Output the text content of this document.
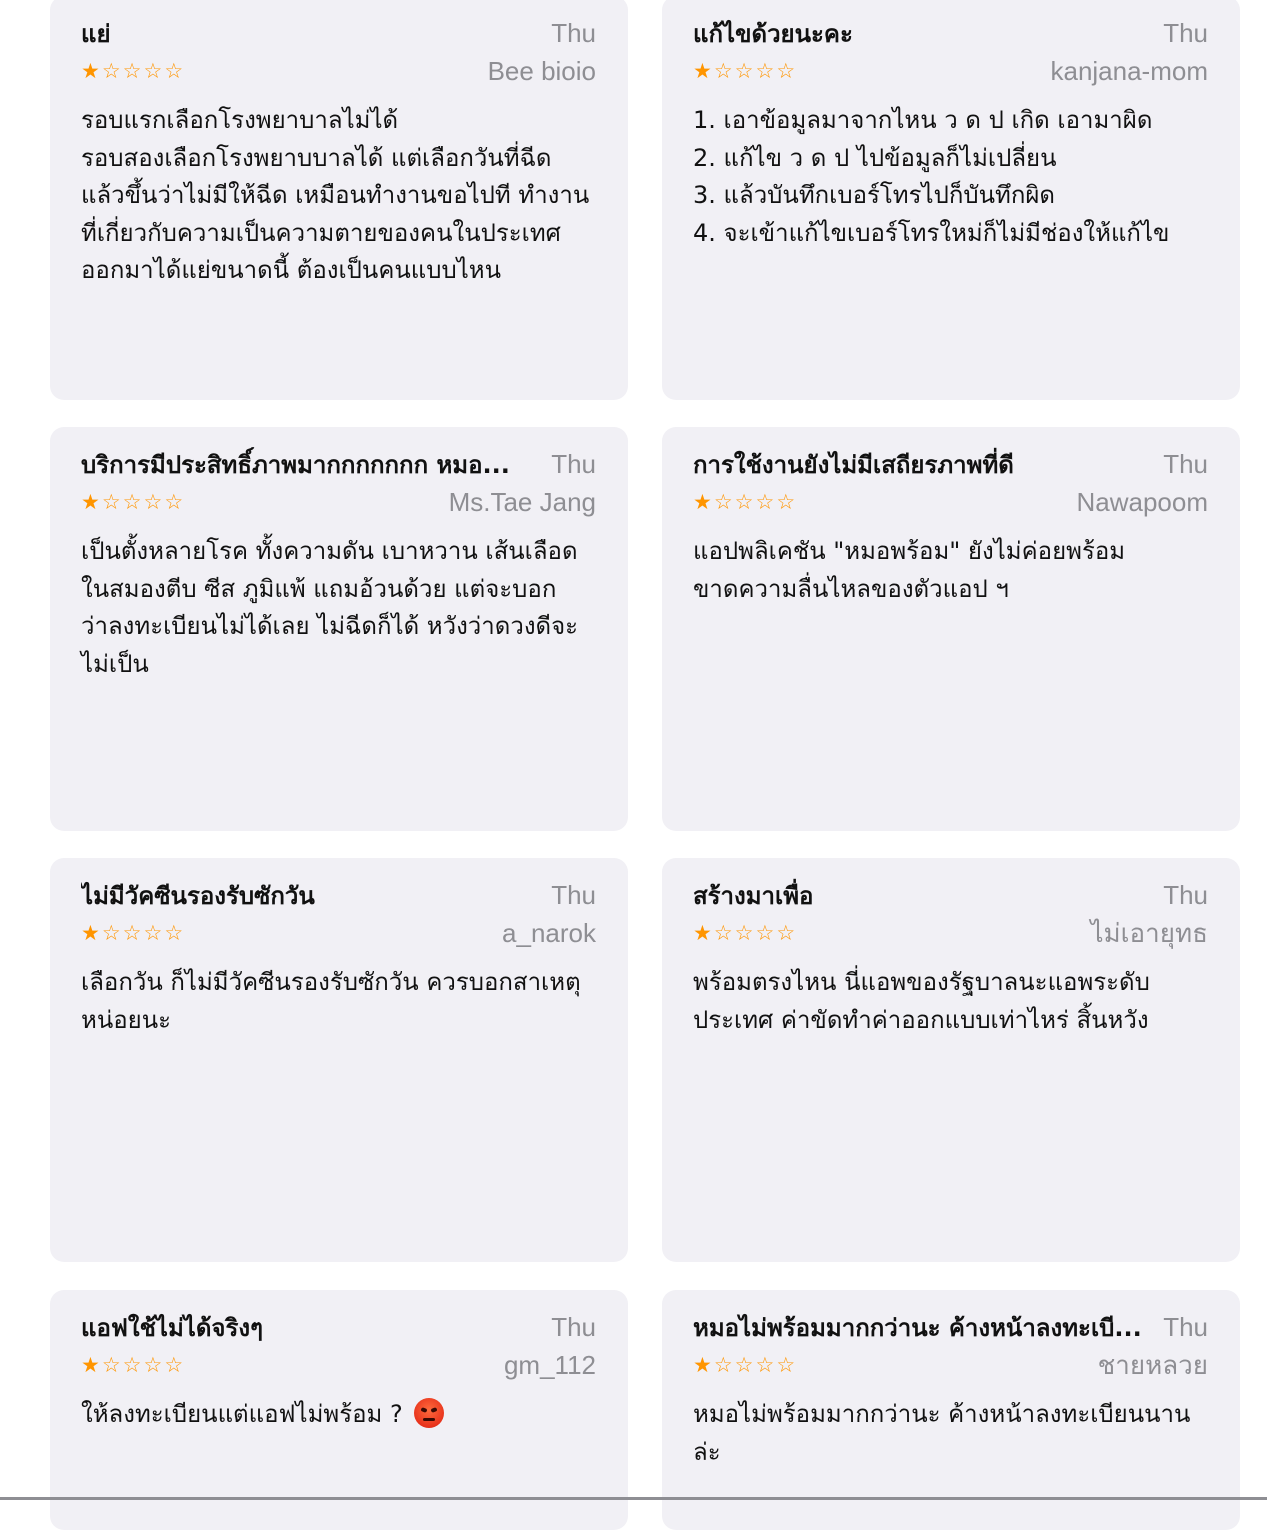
แย่	Thu
★ ☆ ☆ ☆ ☆	Bee bioio
รอบแรกเลือกโรงพยาบาลไม่ได้
รอบสองเลือกโรงพยาบบาลได้ แต่เลือกวันที่ฉีด
แล้วขึ้นว่าไม่มีให้ฉีด เหมือนทำงานขอไปที ทำงาน
ที่เกี่ยวกับความเป็นความตายของคนในประเทศ
ออกมาได้แย่ขนาดนี้ ต้องเป็นคนแบบไหน
แก้ไขด้วยนะคะ	Thu
★ ☆ ☆ ☆ ☆	kanjana-mom
1. เอาข้อมูลมาจากไหน ว ด ป เกิด เอามาผิด
2. แก้ไข ว ด ป ไปข้อมูลก็ไม่เปลี่ยน
3. แล้วบันทึกเบอร์โทรไปก็บันทึกผิด
4. จะเข้าแก้ไขเบอร์โทรใหม่ก็ไม่มีช่องให้แก้ไข
บริการมีประสิทธิ์ภาพมากกกกกกก หมอ... Thu
★ ☆ ☆ ☆ ☆	Ms.Tae Jang
เป็นตั้งหลายโรค ทั้งความดัน เบาหวาน เส้นเลือด
ในสมองตีบ ซีส ภูมิแพ้ แถมอ้วนด้วย แต่จะบอก
ว่าลงทะเบียนไม่ได้เลย ไม่ฉีดก็ได้ หวังว่าดวงดีจะ
ไม่เป็น
การใช้งานยังไม่มีเสถียรภาพที่ดี	Thu
★ ☆ ☆ ☆ ☆	Nawapoom
แอปพลิเคชัน "หมอพร้อม" ยังไม่ค่อยพร้อม
ขาดความลื่นไหลของตัวแอป ฯ
ไม่มีวัคซีนรองรับซักวัน	Thu
★ ☆ ☆ ☆ ☆	a_narok
เลือกวัน ก็ไม่มีวัคซีนรองรับซักวัน ควรบอกสาเหตุ
หน่อยนะ
สร้างมาเพื่อ	Thu
★ ☆ ☆ ☆ ☆	ไม่เอายุทธ
พร้อมตรงไหน นี่แอพของรัฐบาลนะแอพระดับ
ประเทศ ค่าขัดทำค่าออกแบบเท่าไหร่ สิ้นหวัง
แอฟใช้ไม่ได้จริงๆ	Thu
★ ☆ ☆ ☆ ☆	gm_112
ให้ลงทะเบียนแต่แอฟไม่พร้อม ?
หมอไม่พร้อมมากกว่านะ ค้างหน้าลงทะเบี... Thu
★ ☆ ☆ ☆ ☆	ชายหลวย
หมอไม่พร้อมมากกว่านะ ค้างหน้าลงทะเบียนนาน
ล่ะ
